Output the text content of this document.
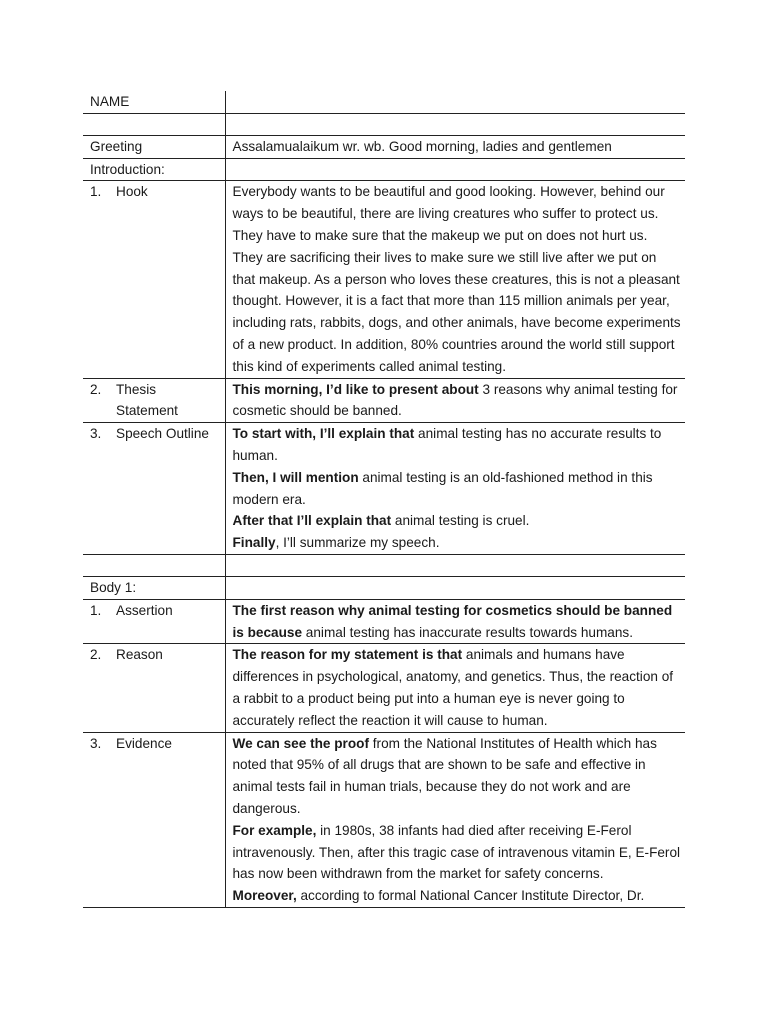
NAME	

Greeting	Assalamualaikum wr. wb. Good morning, ladies and gentlemen
Introduction:	

1. Hook	Everybody wants to be beautiful and good looking. However, behind our ways to be beautiful, there are living creatures who suffer to protect us. They have to make sure that the makeup we put on does not hurt us. They are sacrificing their lives to make sure we still live after we put on that makeup. As a person who loves these creatures, this is not a pleasant thought. However, it is a fact that more than 115 million animals per year, including rats, rabbits, dogs, and other animals, have become experiments of a new product. In addition, 80% countries around the world still support this kind of experiments called animal testing.

2. Thesis Statement	This morning, I’d like to present about 3 reasons why animal testing for cosmetic should be banned.

3. Speech Outline	To start with, I’ll explain that animal testing has no accurate results to human.
Then, I will mention animal testing is an old-fashioned method in this modern era.
After that I’ll explain that animal testing is cruel.
Finally, I’ll summarize my speech.

Body 1:	

1. Assertion	The first reason why animal testing for cosmetics should be banned is because animal testing has inaccurate results towards humans.

2. Reason	The reason for my statement is that animals and humans have differences in psychological, anatomy, and genetics. Thus, the reaction of a rabbit to a product being put into a human eye is never going to accurately reflect the reaction it will cause to human.

3. Evidence	We can see the proof from the National Institutes of Health which has noted that 95% of all drugs that are shown to be safe and effective in animal tests fail in human trials, because they do not work and are dangerous.
For example, in 1980s, 38 infants had died after receiving E-Ferol intravenously. Then, after this tragic case of intravenous vitamin E, E-Ferol has now been withdrawn from the market for safety concerns.
Moreover, according to formal National Cancer Institute Director, Dr.
